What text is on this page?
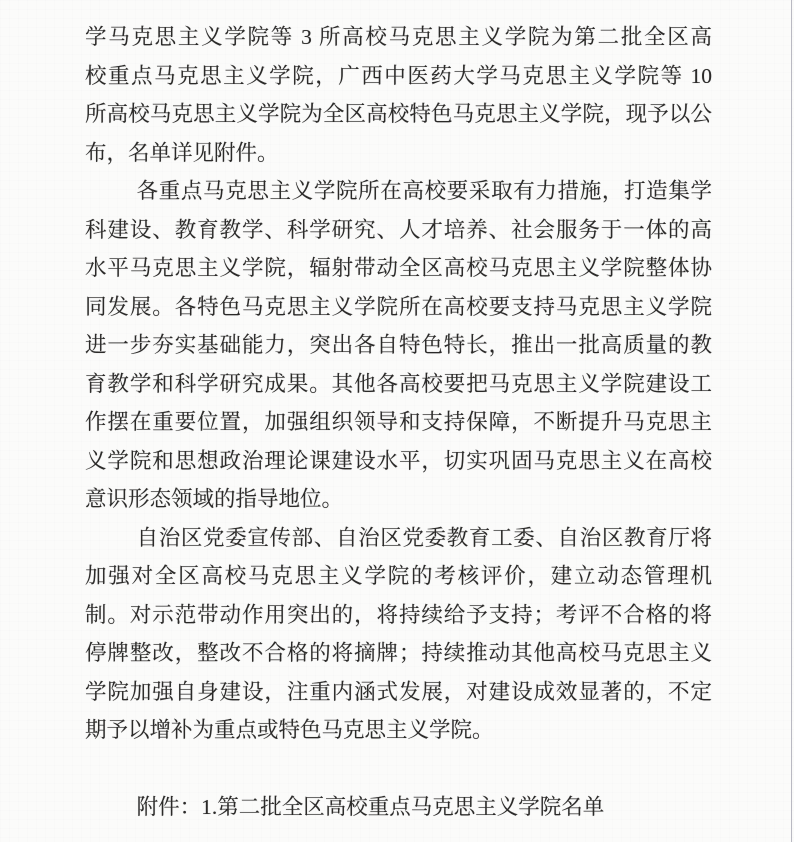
学马克思主义学院等 3 所高校马克思主义学院为第二批全区高
校重点马克思主义学院，广西中医药大学马克思主义学院等 10
所高校马克思主义学院为全区高校特色马克思主义学院，现予以公
布，名单详见附件。
各重点马克思主义学院所在高校要采取有力措施，打造集学
科建设、教育教学、科学研究、人才培养、社会服务于一体的高
水平马克思主义学院，辐射带动全区高校马克思主义学院整体协
同发展。各特色马克思主义学院所在高校要支持马克思主义学院
进一步夯实基础能力，突出各自特色特长，推出一批高质量的教
育教学和科学研究成果。其他各高校要把马克思主义学院建设工
作摆在重要位置，加强组织领导和支持保障，不断提升马克思主
义学院和思想政治理论课建设水平，切实巩固马克思主义在高校
意识形态领域的指导地位。
自治区党委宣传部、自治区党委教育工委、自治区教育厅将
加强对全区高校马克思主义学院的考核评价，建立动态管理机
制。对示范带动作用突出的，将持续给予支持；考评不合格的将
停牌整改，整改不合格的将摘牌；持续推动其他高校马克思主义
学院加强自身建设，注重内涵式发展，对建设成效显著的，不定
期予以增补为重点或特色马克思主义学院。
附件：1.第二批全区高校重点马克思主义学院名单
